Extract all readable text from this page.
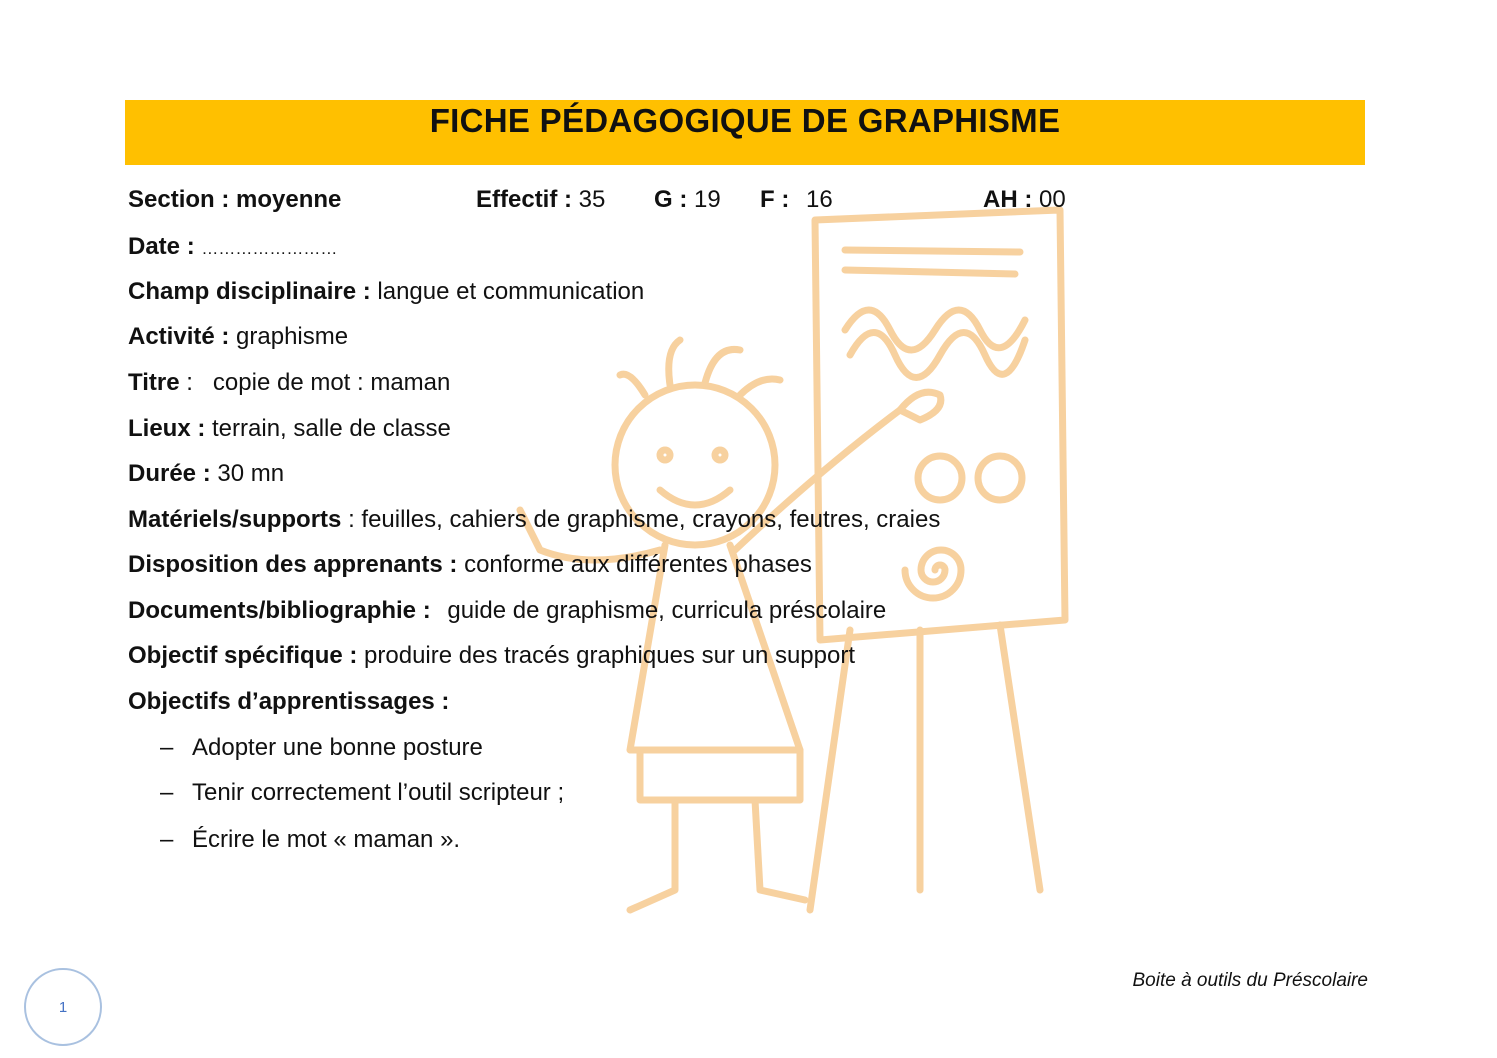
FICHE PÉDAGOGIQUE DE GRAPHISME
Section : moyenne	Effectif : 35 G : 19 F : 16	AH : 00
Date : ……………………
Champ disciplinaire : langue et communication
Activité : graphisme
Titre :   copie de mot : maman
Lieux : terrain, salle de classe
Durée : 30 mn
Matériels/supports : feuilles, cahiers de graphisme, crayons, feutres, craies
Disposition des apprenants : conforme aux différentes phases
Documents/bibliographie : guide de graphisme, curricula préscolaire
Objectif spécifique : produire des tracés graphiques sur un support
Objectifs d’apprentissages :
– Adopter une bonne posture
– Tenir correctement l’outil scripteur ;
– Écrire le mot « maman ».
Boite à outils du Préscolaire
1
